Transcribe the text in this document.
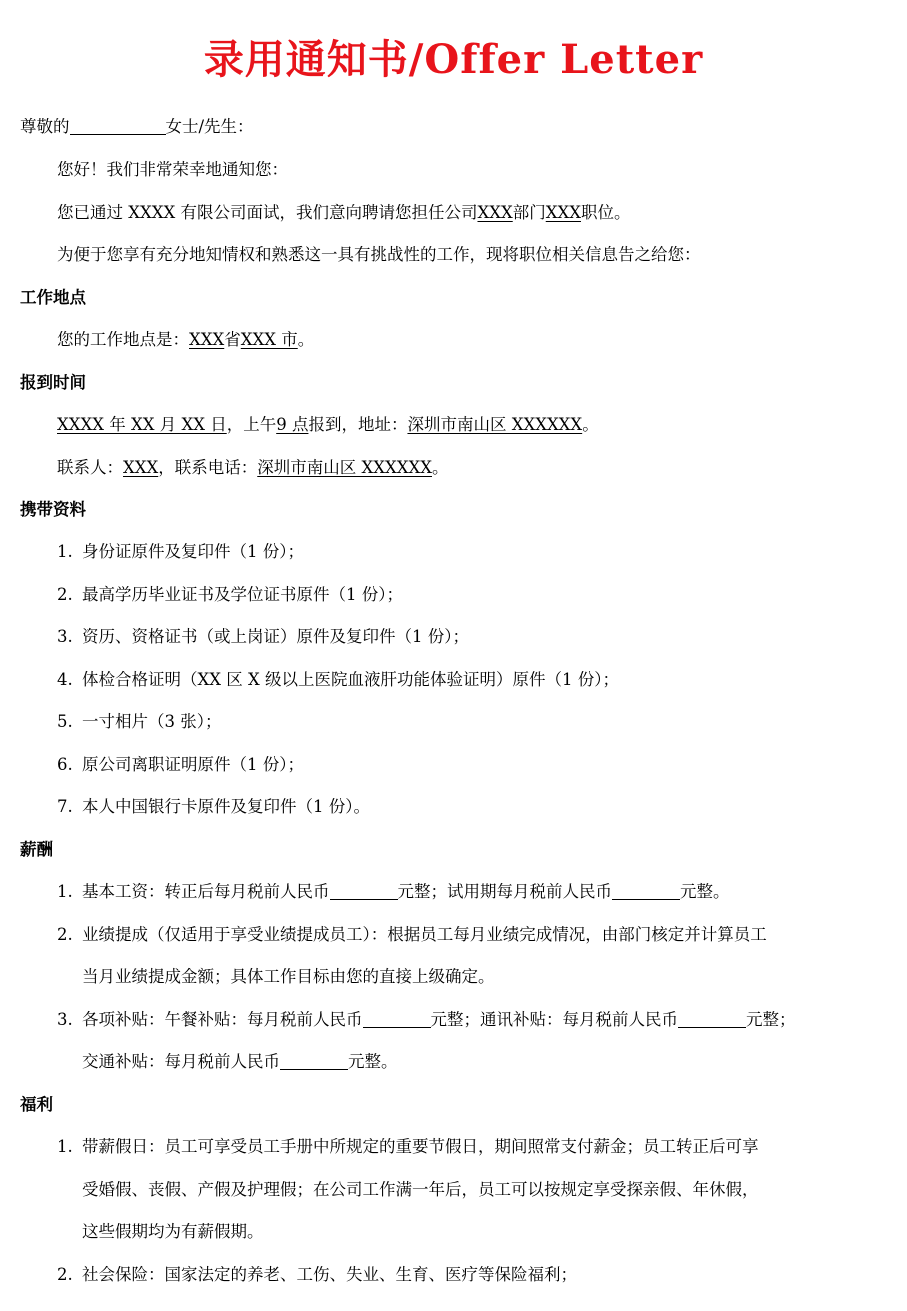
录用通知书/Offer Letter
尊敬的	女士/先生：
您好！我们非常荣幸地通知您：
您已通过 XXXX 有限公司面试，我们意向聘请您担任公司XXX部门XXX职位。
为便于您享有充分地知情权和熟悉这一具有挑战性的工作，现将职位相关信息告之给您：
工作地点
您的工作地点是：XXX省XXX 市。
报到时间
XXXX 年 XX 月 XX 日，上午9 点报到，地址：深圳市南山区 XXXXXX。
联系人：XXX，联系电话：深圳市南山区 XXXXXX。
携带资料
1. 身份证原件及复印件（1 份）；
2. 最高学历毕业证书及学位证书原件（1 份）；
3. 资历、资格证书（或上岗证）原件及复印件（1 份）；
4. 体检合格证明（XX 区 X 级以上医院血液肝功能体验证明）原件（1 份）；
5. 一寸相片（3 张）；
6. 原公司离职证明原件（1 份）；
7. 本人中国银行卡原件及复印件（1 份）。
薪酬
1. 基本工资：转正后每月税前人民币	元整；试用期每月税前人民币	元整。
2. 业绩提成（仅适用于享受业绩提成员工）：根据员工每月业绩完成情况，由部门核定并计算员工
当月业绩提成金额；具体工作目标由您的直接上级确定。
3. 各项补贴：午餐补贴：每月税前人民币	元整；通讯补贴：每月税前人民币	元整；
交通补贴：每月税前人民币	元整。
福利
1. 带薪假日：员工可享受员工手册中所规定的重要节假日，期间照常支付薪金；员工转正后可享
受婚假、丧假、产假及护理假；在公司工作满一年后，员工可以按规定享受探亲假、年休假，
这些假期均为有薪假期。
2. 社会保险：国家法定的养老、工伤、失业、生育、医疗等保险福利；
